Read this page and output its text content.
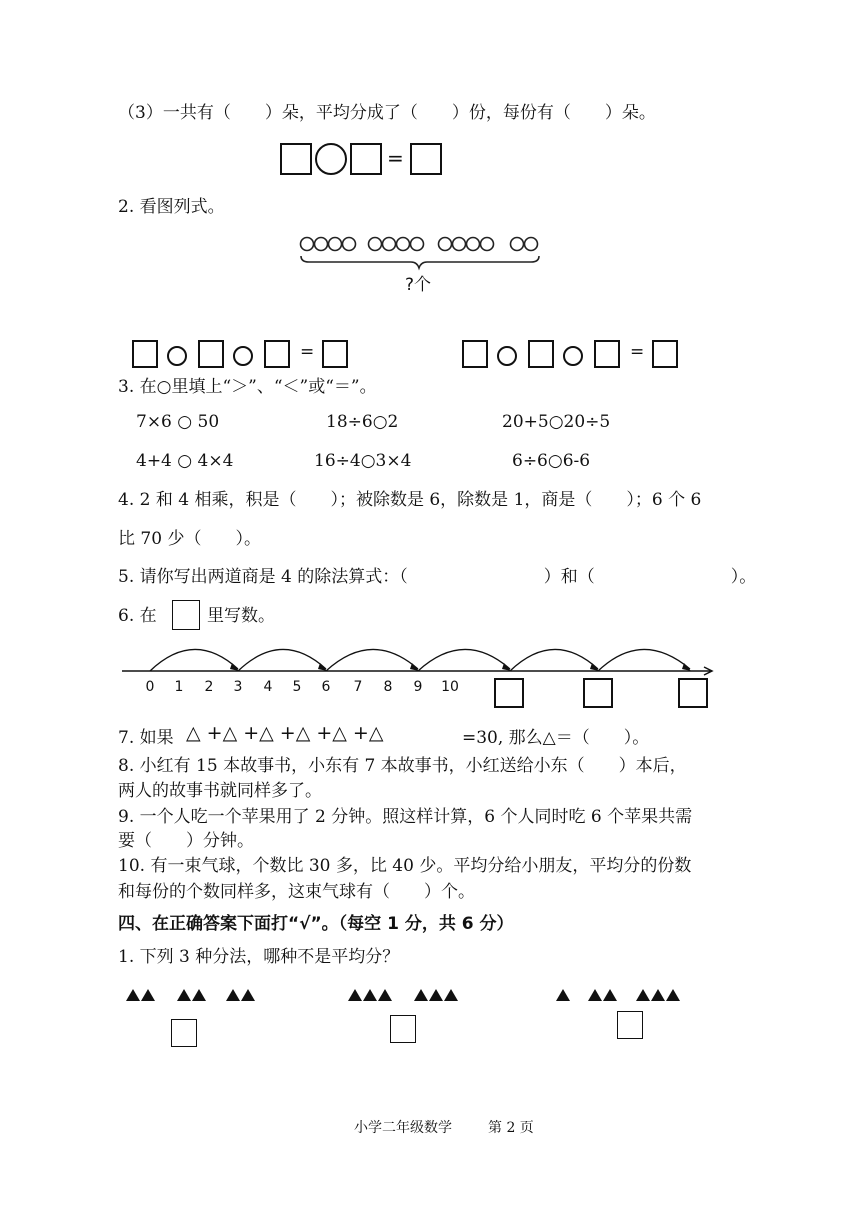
（3）一共有（　　）朵，平均分成了（　　）份，每份有（　　）朵。
=
2. 看图列式。
?个
=	=
3. 在○里填上“＞”、“＜”或“＝”。
7×6 ○ 50	18÷6○2	20+5○20÷5
4+4 ○ 4×4	16÷4○3×4	6÷6○6-6
4. 2 和 4 相乘，积是（　　）；被除数是 6，除数是 1，商是（　　）；6 个 6
比 70 少（　　）。
5. 请你写出两道商是 4 的除法算式：（　　　　　　　　）和（　　　　　　　　）。
6. 在	里写数。
0 1 2 3 4 5 6 7 8 9 10
7. 如果 △ +△ +△ +△ +△ +△	=30, 那么△＝（　　）。
8. 小红有 15 本故事书，小东有 7 本故事书，小红送给小东（　　）本后，
两人的故事书就同样多了。
9. 一个人吃一个苹果用了 2 分钟。照这样计算，6 个人同时吃 6 个苹果共需
要（　　）分钟。
10. 有一束气球，个数比 30 多，比 40 少。平均分给小朋友，平均分的份数
和每份的个数同样多，这束气球有（　　）个。
四、在正确答案下面打“√”。（每空 1 分，共 6 分）
1. 下列 3 种分法，哪种不是平均分？
小学二年级数学	第 2 页
